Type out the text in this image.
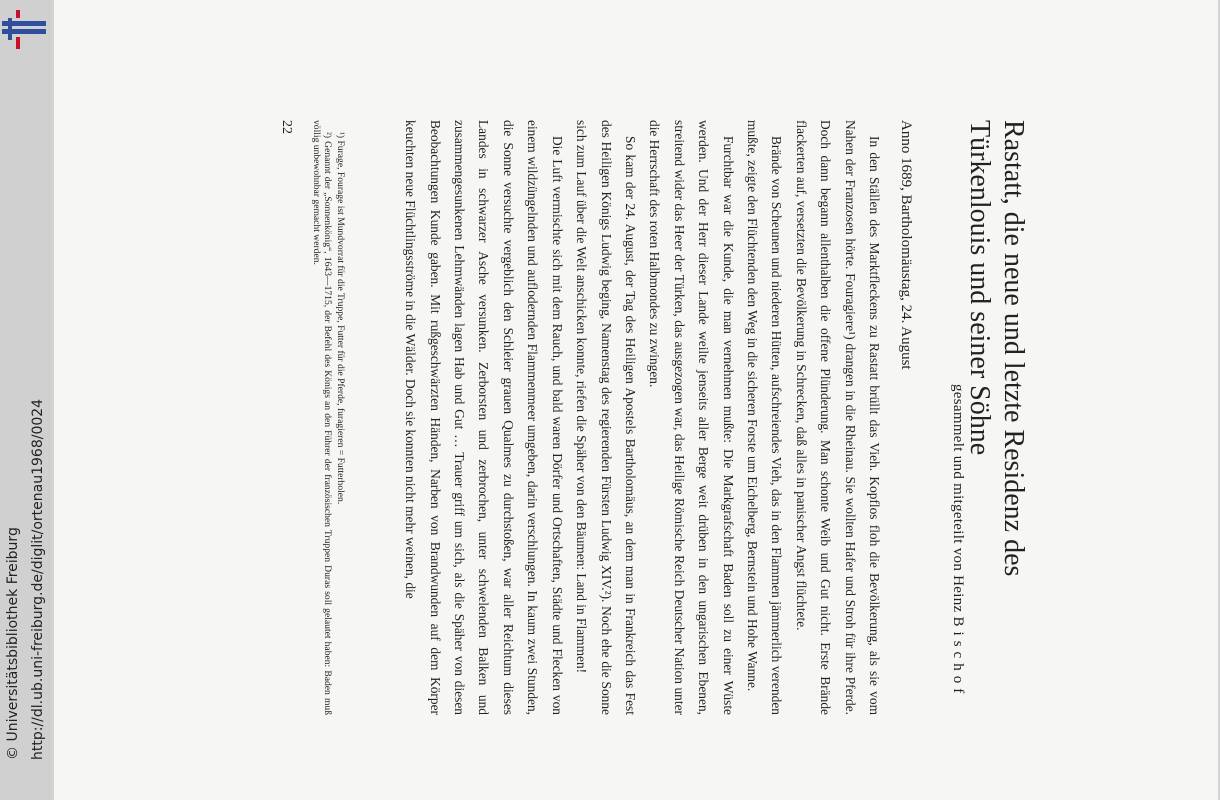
http://dl.ub.uni-freiburg.de/diglit/ortenau1968/0024
© Universitätsbibliothek Freiburg
Rastatt, die neue und letzte Residenz des
Türkenlouis und seiner Söhne
gesammelt und mitgeteilt von Heinz Bischof
Anno 1689, Bartholomäustag, 24. August

In den Ställen des Marktfleckens zu Rastatt brüllt das Vieh. Kopflos floh die Bevölkerung, als sie vom Nahen der Franzosen hörte. Fouragiere¹) drangen in die Rheinau. Sie wollten Hafer und Stroh für ihre Pferde. Doch dann begann allenthalben die offene Plünderung. Man schonte Weib und Gut nicht. Erste Brände flackerten auf, versetzten die Bevölkerung in Schrecken, daß alles in panischer Angst flüchtete.

Brände von Scheunen und niederen Hütten, aufschreiendes Vieh, das in den Flammen jämmerlich verenden mußte, zeigte den Flüchtenden den Weg in die sicheren Forste um Eichelberg, Bernstein und Hohe Wanne.

Furchtbar war die Kunde, die man vernehmen mußte: Die Markgrafschaft Baden soll zu einer Wüste werden. Und der Herr dieser Lande weilte jenseits aller Berge weit drüben in den ungarischen Ebenen, streitend wider das Heer der Türken, das ausgezogen war, das Heilige Römische Reich Deutscher Nation unter die Herrschaft des roten Halbmondes zu zwingen.

So kam der 24. August, der Tag des Heiligen Apostels Bartholomäus, an dem man in Frankreich das Fest des Heiligen Königs Ludwig beging, Namenstag des regierenden Fürsten Ludwig XIV.²). Noch ehe die Sonne sich zum Lauf über die Welt anschicken konnte, riefen die Späher von den Bäumen: Land in Flammen!

Die Luft vermischte sich mit dem Rauch, und bald waren Dörfer und Ortschaften, Städte und Flecken von einem wildzüngelnden und auflodernden Flammenmeer umgeben, darin verschlungen. In kaum zwei Stunden, die Sonne versuchte vergeblich den Schleier grauen Qualmes zu durchstoßen, war aller Reichtum dieses Landes in schwarzer Asche versunken. Zerborsten und zerbrochen, unter schwelenden Balken und zusammengesunkenen Lehmwänden lagen Hab und Gut … Trauer griff um sich, als die Späher von diesen Beobachtungen Kunde gaben. Mit rußgeschwärzten Händen, Narben von Brandwunden auf dem Körper keuchten neue Flüchtlingsströme in die Wälder. Doch sie konnten nicht mehr weinen, die

¹) Furage, Fourage ist Mundvorrat für die Truppe, Futter für die Pferde, furagieren = Futterholen.

²) Genannt der „Sonnenkönig“, 1643—1715, der Befehl des Königs an den Führer der französischen Truppen Duras soll gelautet haben: Baden muß völlig unbewohnbar gemacht werden.

22
